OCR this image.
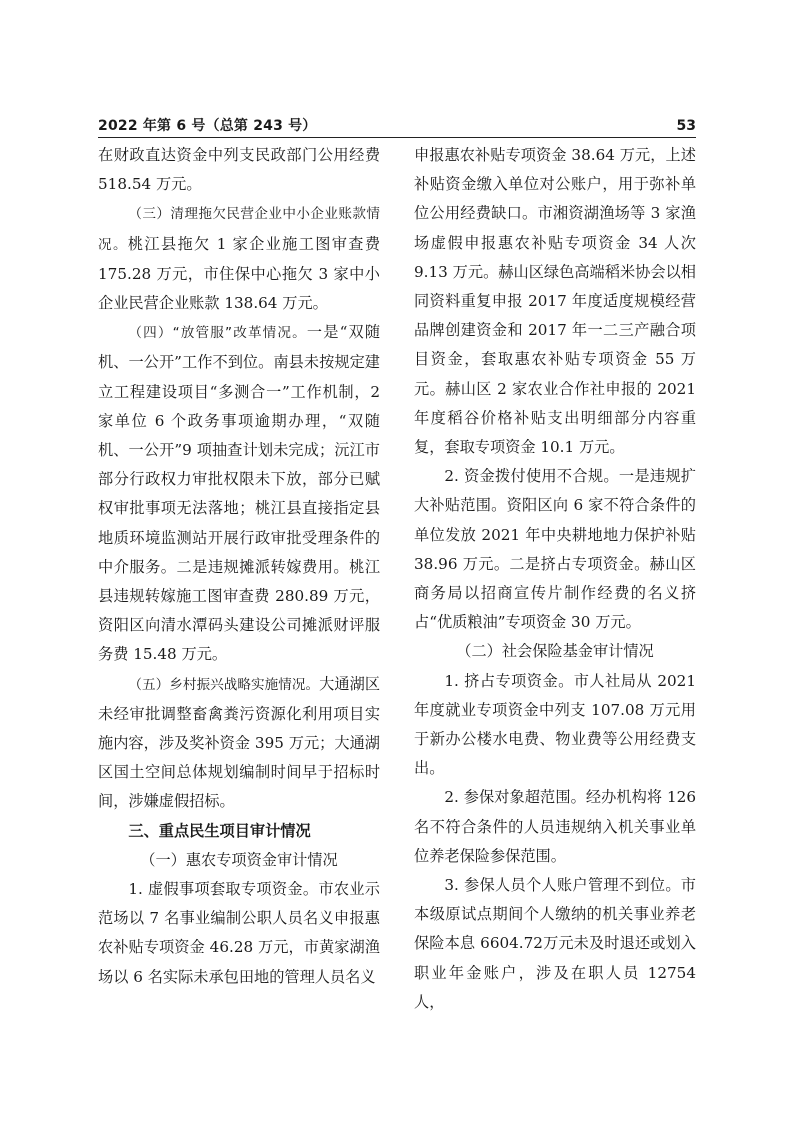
2022 年第 6 号（总第 243 号）	53

在财政直达资金中列支民政部门公用经费 518.54 万元。

（三）清理拖欠民营企业中小企业账款情况。桃江县拖欠 1 家企业施工图审查费 175.28 万元，市住保中心拖欠 3 家中小企业民营企业账款 138.64 万元。

（四）“放管服”改革情况。一是“双随机、一公开”工作不到位。南县未按规定建立工程建设项目“多测合一”工作机制，2 家单位 6 个政务事项逾期办理，“双随机、一公开”9 项抽查计划未完成；沅江市部分行政权力审批权限未下放，部分已赋权审批事项无法落地；桃江县直接指定县地质环境监测站开展行政审批受理条件的中介服务。二是违规摊派转嫁费用。桃江县违规转嫁施工图审查费 280.89 万元，资阳区向清水潭码头建设公司摊派财评服务费 15.48 万元。

（五）乡村振兴战略实施情况。大通湖区未经审批调整畜禽粪污资源化利用项目实施内容，涉及奖补资金 395 万元；大通湖区国土空间总体规划编制时间早于招标时间，涉嫌虚假招标。

三、重点民生项目审计情况

（一）惠农专项资金审计情况

1. 虚假事项套取专项资金。市农业示范场以 7 名事业编制公职人员名义申报惠农补贴专项资金 46.28 万元，市黄家湖渔场以 6 名实际未承包田地的管理人员名义

申报惠农补贴专项资金 38.64 万元，上述补贴资金缴入单位对公账户，用于弥补单位公用经费缺口。市湘资湖渔场等 3 家渔场虚假申报惠农补贴专项资金 34 人次 9.13 万元。赫山区绿色高端稻米协会以相同资料重复申报 2017 年度适度规模经营品牌创建资金和 2017 年一二三产融合项目资金，套取惠农补贴专项资金 55 万元。赫山区 2 家农业合作社申报的 2021 年度稻谷价格补贴支出明细部分内容重复，套取专项资金 10.1 万元。

2. 资金拨付使用不合规。一是违规扩大补贴范围。资阳区向 6 家不符合条件的单位发放 2021 年中央耕地地力保护补贴 38.96 万元。二是挤占专项资金。赫山区商务局以招商宣传片制作经费的名义挤占“优质粮油”专项资金 30 万元。

（二）社会保险基金审计情况

1. 挤占专项资金。市人社局从 2021 年度就业专项资金中列支 107.08 万元用于新办公楼水电费、物业费等公用经费支出。

2. 参保对象超范围。经办机构将 126 名不符合条件的人员违规纳入机关事业单位养老保险参保范围。

3. 参保人员个人账户管理不到位。市本级原试点期间个人缴纳的机关事业养老保险本息 6604.72万元未及时退还或划入职业年金账户，涉及在职人员 12754 人，
